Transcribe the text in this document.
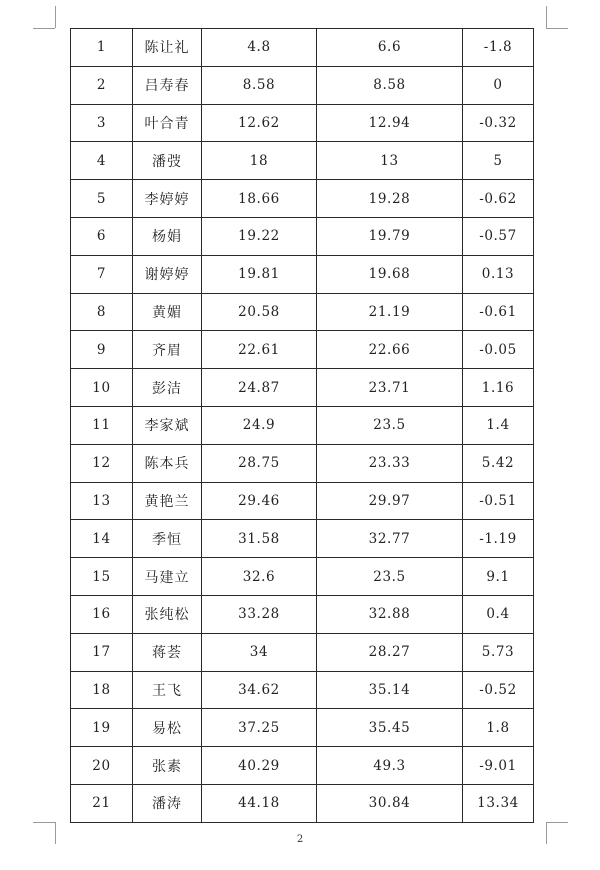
1	陈让礼	4.8	6.6	-1.8
2	吕寿春	8.58	8.58	0
3	叶合青	12.62	12.94	-0.32
4	潘弢	18	13	5
5	李婷婷	18.66	19.28	-0.62
6	杨娟	19.22	19.79	-0.57
7	谢婷婷	19.81	19.68	0.13
8	黄媚	20.58	21.19	-0.61
9	齐眉	22.61	22.66	-0.05
10	彭洁	24.87	23.71	1.16
11	李家斌	24.9	23.5	1.4
12	陈本兵	28.75	23.33	5.42
13	黄艳兰	29.46	29.97	-0.51
14	季恒	31.58	32.77	-1.19
15	马建立	32.6	23.5	9.1
16	张纯松	33.28	32.88	0.4
17	蒋荟	34	28.27	5.73
18	王飞	34.62	35.14	-0.52
19	易松	37.25	35.45	1.8
20	张素	40.29	49.3	-9.01
21	潘涛	44.18	30.84	13.34
2
